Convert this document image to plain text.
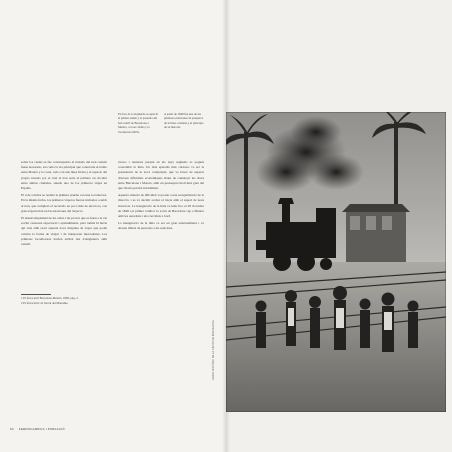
En foto de la izquierda se aprecia el primer andén y la pasarela del ferrocarril de Barcelona a Mataró, con su cabina y la locomotora MZA.
A partir de 1848 fue una de las primeras estaciones de pasajeros de la línea catalana y el principio de su historia.

sobre los cuales se fue construyendo el trazado del tren cuando fuese necesario, así como la vía principal que conectaría el tramo entre Mataró y la costa, todo con una línea férrea y el espacio del propio trazado por el cual el tren sería el primero en circular entre ambas ciudades, siendo uno de los primeros viajes en España.

El 4 de octubre se realizó la primera prueba con una locomotora. En la misma fecha, los primeros viajeros fueron invitados a subir al tren, que completó el recorrido en poco más de una hora, con gran expectación en las estaciones del trayecto.

El desenvolupament de les obres i les proves que es feien a la via sovint causaven expectació i aplaudiments, però també hi havia qui veia amb recel aquesta nova màquina de vapor que podia canviar la forma de viatjar i de transportar mercaderies. Les primeres locomotores havien arribat des d'Anglaterra amb vaixell.

cursos i reunions perquè en els anys següents es pogués consolidar la línia. Un dels episodis més curiosos va ser la presentació de la nova companyia, que va haver de superar diverses dificultats econòmiques abans de començar les obres entre Barcelona i Mataró, amb un pressupost molt més gran del que s'havia previst inicialment.

Aquesta situació de dificultat va portar a una reorganització de la direcció, i es va decidir acabar el traçat amb el suport de nous inversors. La inauguració de la línia va tenir lloc el 28 d'octubre de 1848 i el primer comboi va sortir de Barcelona cap a Mataró amb les autoritats i els convidats a bord.

La inauguració de la línia va ser un gran esdeveniment i va atreure milers de persones a les estacions.

1 El ferrocarril Barcelona-Mataró, 1848, pàg. 2.
2 El ferrocarril i el litoral del Maresme.
64 FERROCARRILS I POBLACIÓ
ARXIU HISTÒRIC DE LA CIUTAT DE BARCELONA
